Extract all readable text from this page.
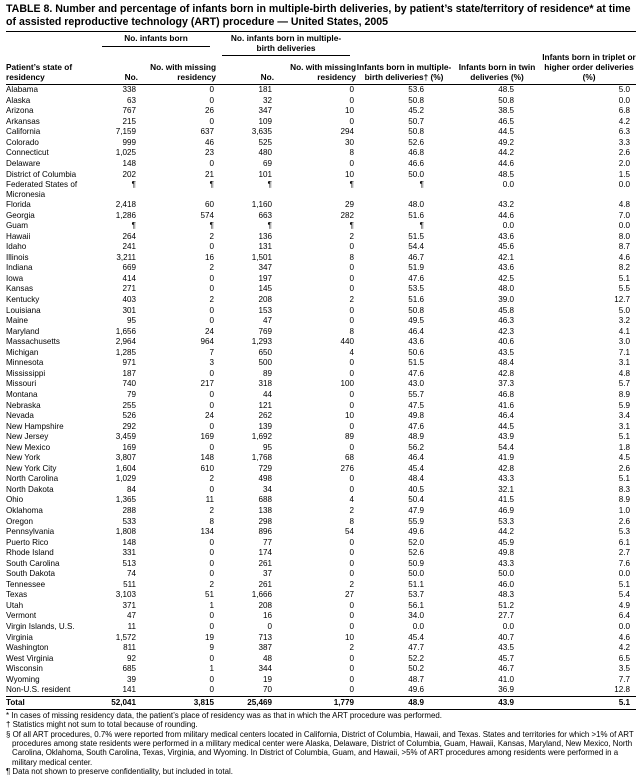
TABLE 8. Number and percentage of infants born in multiple-birth deliveries, by patient’s state/territory of residence* at time of assisted reproductive technology (ART) procedure — United States, 2005
Patient’s state of residency	No. infants born		No. infants born in multiple-birth deliveries		Infants born in multiple-birth deliveries† (%)	Infants born in twin deliveries (%)	Infants born in triplet or higher order deliveries (%)
	No.	No. with missing residency	No.	No. with missing residency			
Alabama	338	0	181	0	53.6	48.5	5.0
Alaska	63	0	32	0	50.8	50.8	0.0
Arizona	767	26	347	10	45.2	38.5	6.8
Arkansas	215	0	109	0	50.7	46.5	4.2
California	7,159	637	3,635	294	50.8	44.5	6.3
Colorado	999	46	525	30	52.6	49.2	3.3
Connecticut	1,025	23	480	8	46.8	44.2	2.6
Delaware	148	0	69	0	46.6	44.6	2.0
District of Columbia	202	21	101	10	50.0	48.5	1.5
Federated States of Micronesia	¶	¶	¶	¶	¶	0.0	0.0
Florida	2,418	60	1,160	29	48.0	43.2	4.8
Georgia	1,286	574	663	282	51.6	44.6	7.0
Guam	¶	¶	¶	¶	¶	0.0	0.0
Hawaii	264	2	136	2	51.5	43.6	8.0
Idaho	241	0	131	0	54.4	45.6	8.7
Illinois	3,211	16	1,501	8	46.7	42.1	4.6
Indiana	669	2	347	0	51.9	43.6	8.2
Iowa	414	0	197	0	47.6	42.5	5.1
Kansas	271	0	145	0	53.5	48.0	5.5
Kentucky	403	2	208	2	51.6	39.0	12.7
Louisiana	301	0	153	0	50.8	45.8	5.0
Maine	95	0	47	0	49.5	46.3	3.2
Maryland	1,656	24	769	8	46.4	42.3	4.1
Massachusetts	2,964	964	1,293	440	43.6	40.6	3.0
Michigan	1,285	7	650	4	50.6	43.5	7.1
Minnesota	971	3	500	0	51.5	48.4	3.1
Mississippi	187	0	89	0	47.6	42.8	4.8
Missouri	740	217	318	100	43.0	37.3	5.7
Montana	79	0	44	0	55.7	46.8	8.9
Nebraska	255	0	121	0	47.5	41.6	5.9
Nevada	526	24	262	10	49.8	46.4	3.4
New Hampshire	292	0	139	0	47.6	44.5	3.1
New Jersey	3,459	169	1,692	89	48.9	43.9	5.1
New Mexico	169	0	95	0	56.2	54.4	1.8
New York	3,807	148	1,768	68	46.4	41.9	4.5
New York City	1,604	610	729	276	45.4	42.8	2.6
North Carolina	1,029	2	498	0	48.4	43.3	5.1
North Dakota	84	0	34	0	40.5	32.1	8.3
Ohio	1,365	11	688	4	50.4	41.5	8.9
Oklahoma	288	2	138	2	47.9	46.9	1.0
Oregon	533	8	298	8	55.9	53.3	2.6
Pennsylvania	1,808	134	896	54	49.6	44.2	5.3
Puerto Rico	148	0	77	0	52.0	45.9	6.1
Rhode Island	331	0	174	0	52.6	49.8	2.7
South Carolina	513	0	261	0	50.9	43.3	7.6
South Dakota	74	0	37	0	50.0	50.0	0.0
Tennessee	511	2	261	2	51.1	46.0	5.1
Texas	3,103	51	1,666	27	53.7	48.3	5.4
Utah	371	1	208	0	56.1	51.2	4.9
Vermont	47	0	16	0	34.0	27.7	6.4
Virgin Islands, U.S.	11	0	0	0	0.0	0.0	0.0
Virginia	1,572	19	713	10	45.4	40.7	4.6
Washington	811	9	387	2	47.7	43.5	4.2
West Virginia	92	0	48	0	52.2	45.7	6.5
Wisconsin	685	1	344	0	50.2	46.7	3.5
Wyoming	39	0	19	0	48.7	41.0	7.7
Non-U.S. resident	141	0	70	0	49.6	36.9	12.8
Total	52,041	3,815	25,469	1,779	48.9	43.9	5.1

* In cases of missing residency data, the patient’s place of residency was as that in which the ART procedure was performed.

† Statistics might not sum to total because of rounding.

§ Of all ART procedures, 0.7% were reported from military medical centers located in California, District of Columbia, Hawaii, and Texas. States and territories for which >1% of ART procedures among state residents were performed in a military medical center were Alaska, Delaware, District of Columbia, Guam, Hawaii, Kansas, Maryland, New Mexico, North Carolina, Oklahoma, South Carolina, Texas, Virginia, and Wyoming. In District of Columbia, Guam, and Hawaii, >5% of ART procedures among residents were performed in a military medical center.

¶ Data not shown to preserve confidentiality, but included in total.
